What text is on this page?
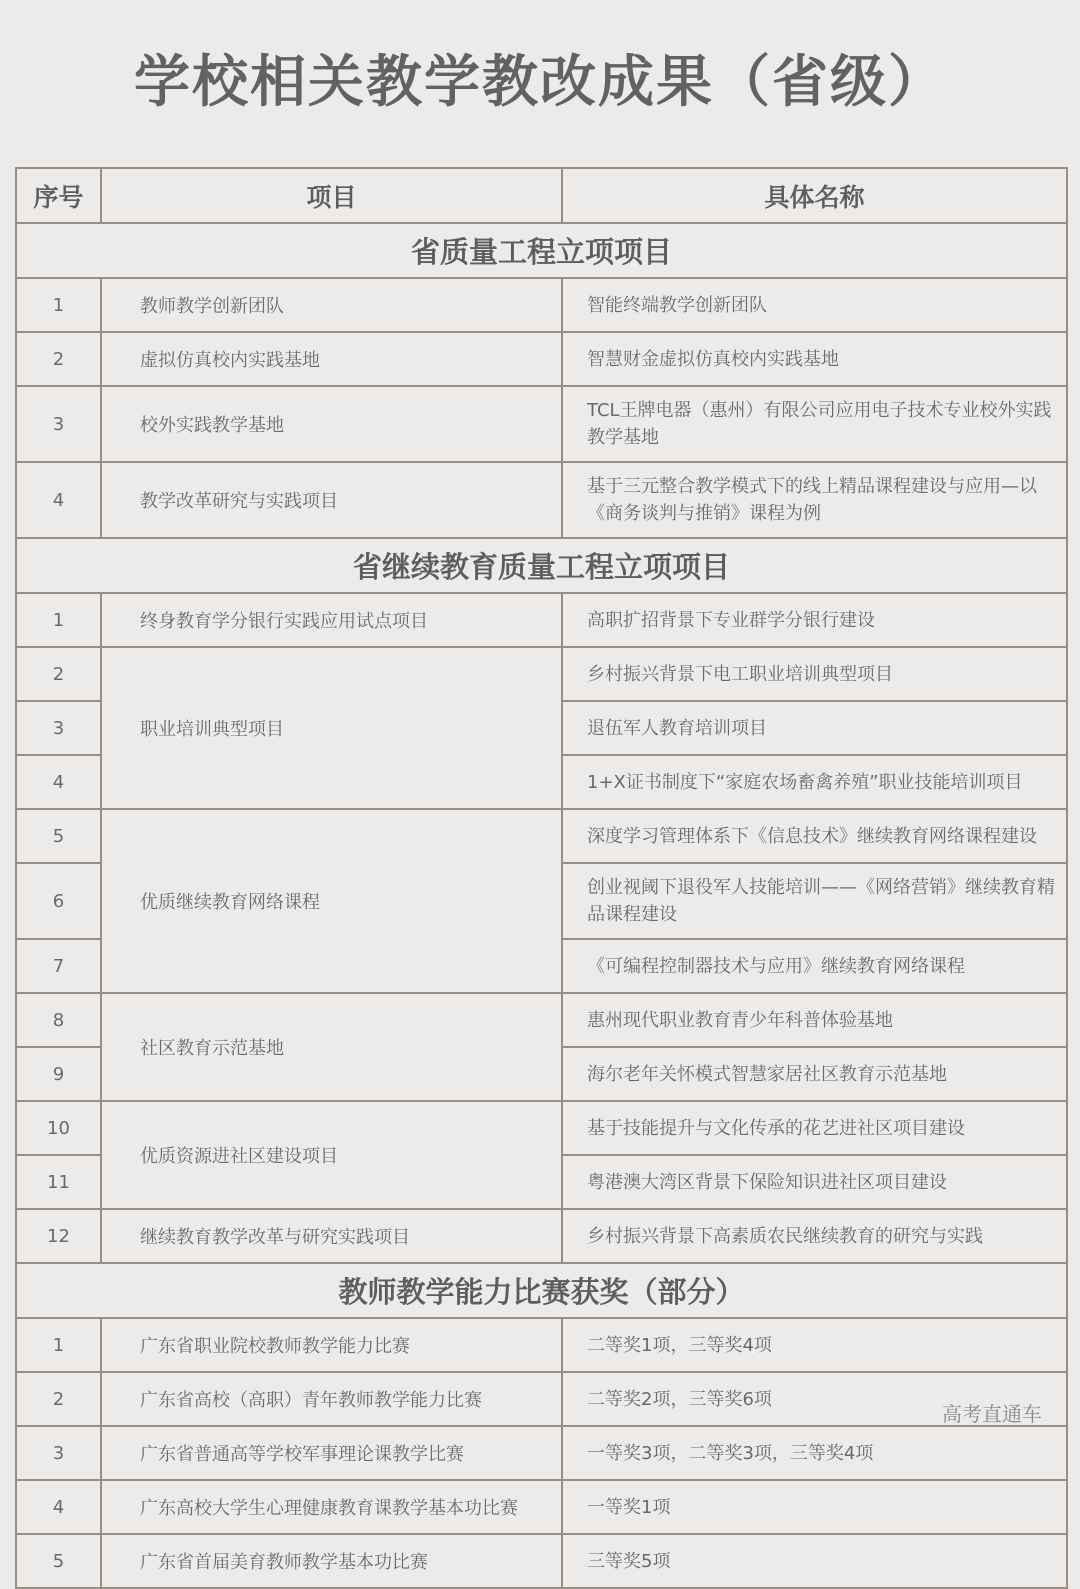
学校相关教学教改成果（省级）
序号	项目	具体名称
省质量工程立项项目		
1	教师教学创新团队	智能终端教学创新团队
2	虚拟仿真校内实践基地	智慧财金虚拟仿真校内实践基地
3	校外实践教学基地	TCL王牌电器（惠州）有限公司应用电子技术专业校外实践教学基地
4	教学改革研究与实践项目	基于三元整合教学模式下的线上精品课程建设与应用—以《商务谈判与推销》课程为例
省继续教育质量工程立项项目		
1	终身教育学分银行实践应用试点项目	高职扩招背景下专业群学分银行建设
2	职业培训典型项目	乡村振兴背景下电工职业培训典型项目
3		退伍军人教育培训项目
4		1+X证书制度下“家庭农场畜禽养殖”职业技能培训项目
5	优质继续教育网络课程	深度学习管理体系下《信息技术》继续教育网络课程建设
6		创业视阈下退役军人技能培训——《网络营销》继续教育精品课程建设
7		《可编程控制器技术与应用》继续教育网络课程
8	社区教育示范基地	惠州现代职业教育青少年科普体验基地
9		海尔老年关怀模式智慧家居社区教育示范基地
10	优质资源进社区建设项目	基于技能提升与文化传承的花艺进社区项目建设
11		粤港澳大湾区背景下保险知识进社区项目建设
12	继续教育教学改革与研究实践项目	乡村振兴背景下高素质农民继续教育的研究与实践
教师教学能力比赛获奖（部分）		
1	广东省职业院校教师教学能力比赛	二等奖1项，三等奖4项
2	广东省高校（高职）青年教师教学能力比赛	二等奖2项，三等奖6项
3	广东省普通高等学校军事理论课教学比赛	一等奖3项，二等奖3项，三等奖4项
4	广东高校大学生心理健康教育课教学基本功比赛	一等奖1项
5	广东省首届美育教师教学基本功比赛	三等奖5项
高考直通车
